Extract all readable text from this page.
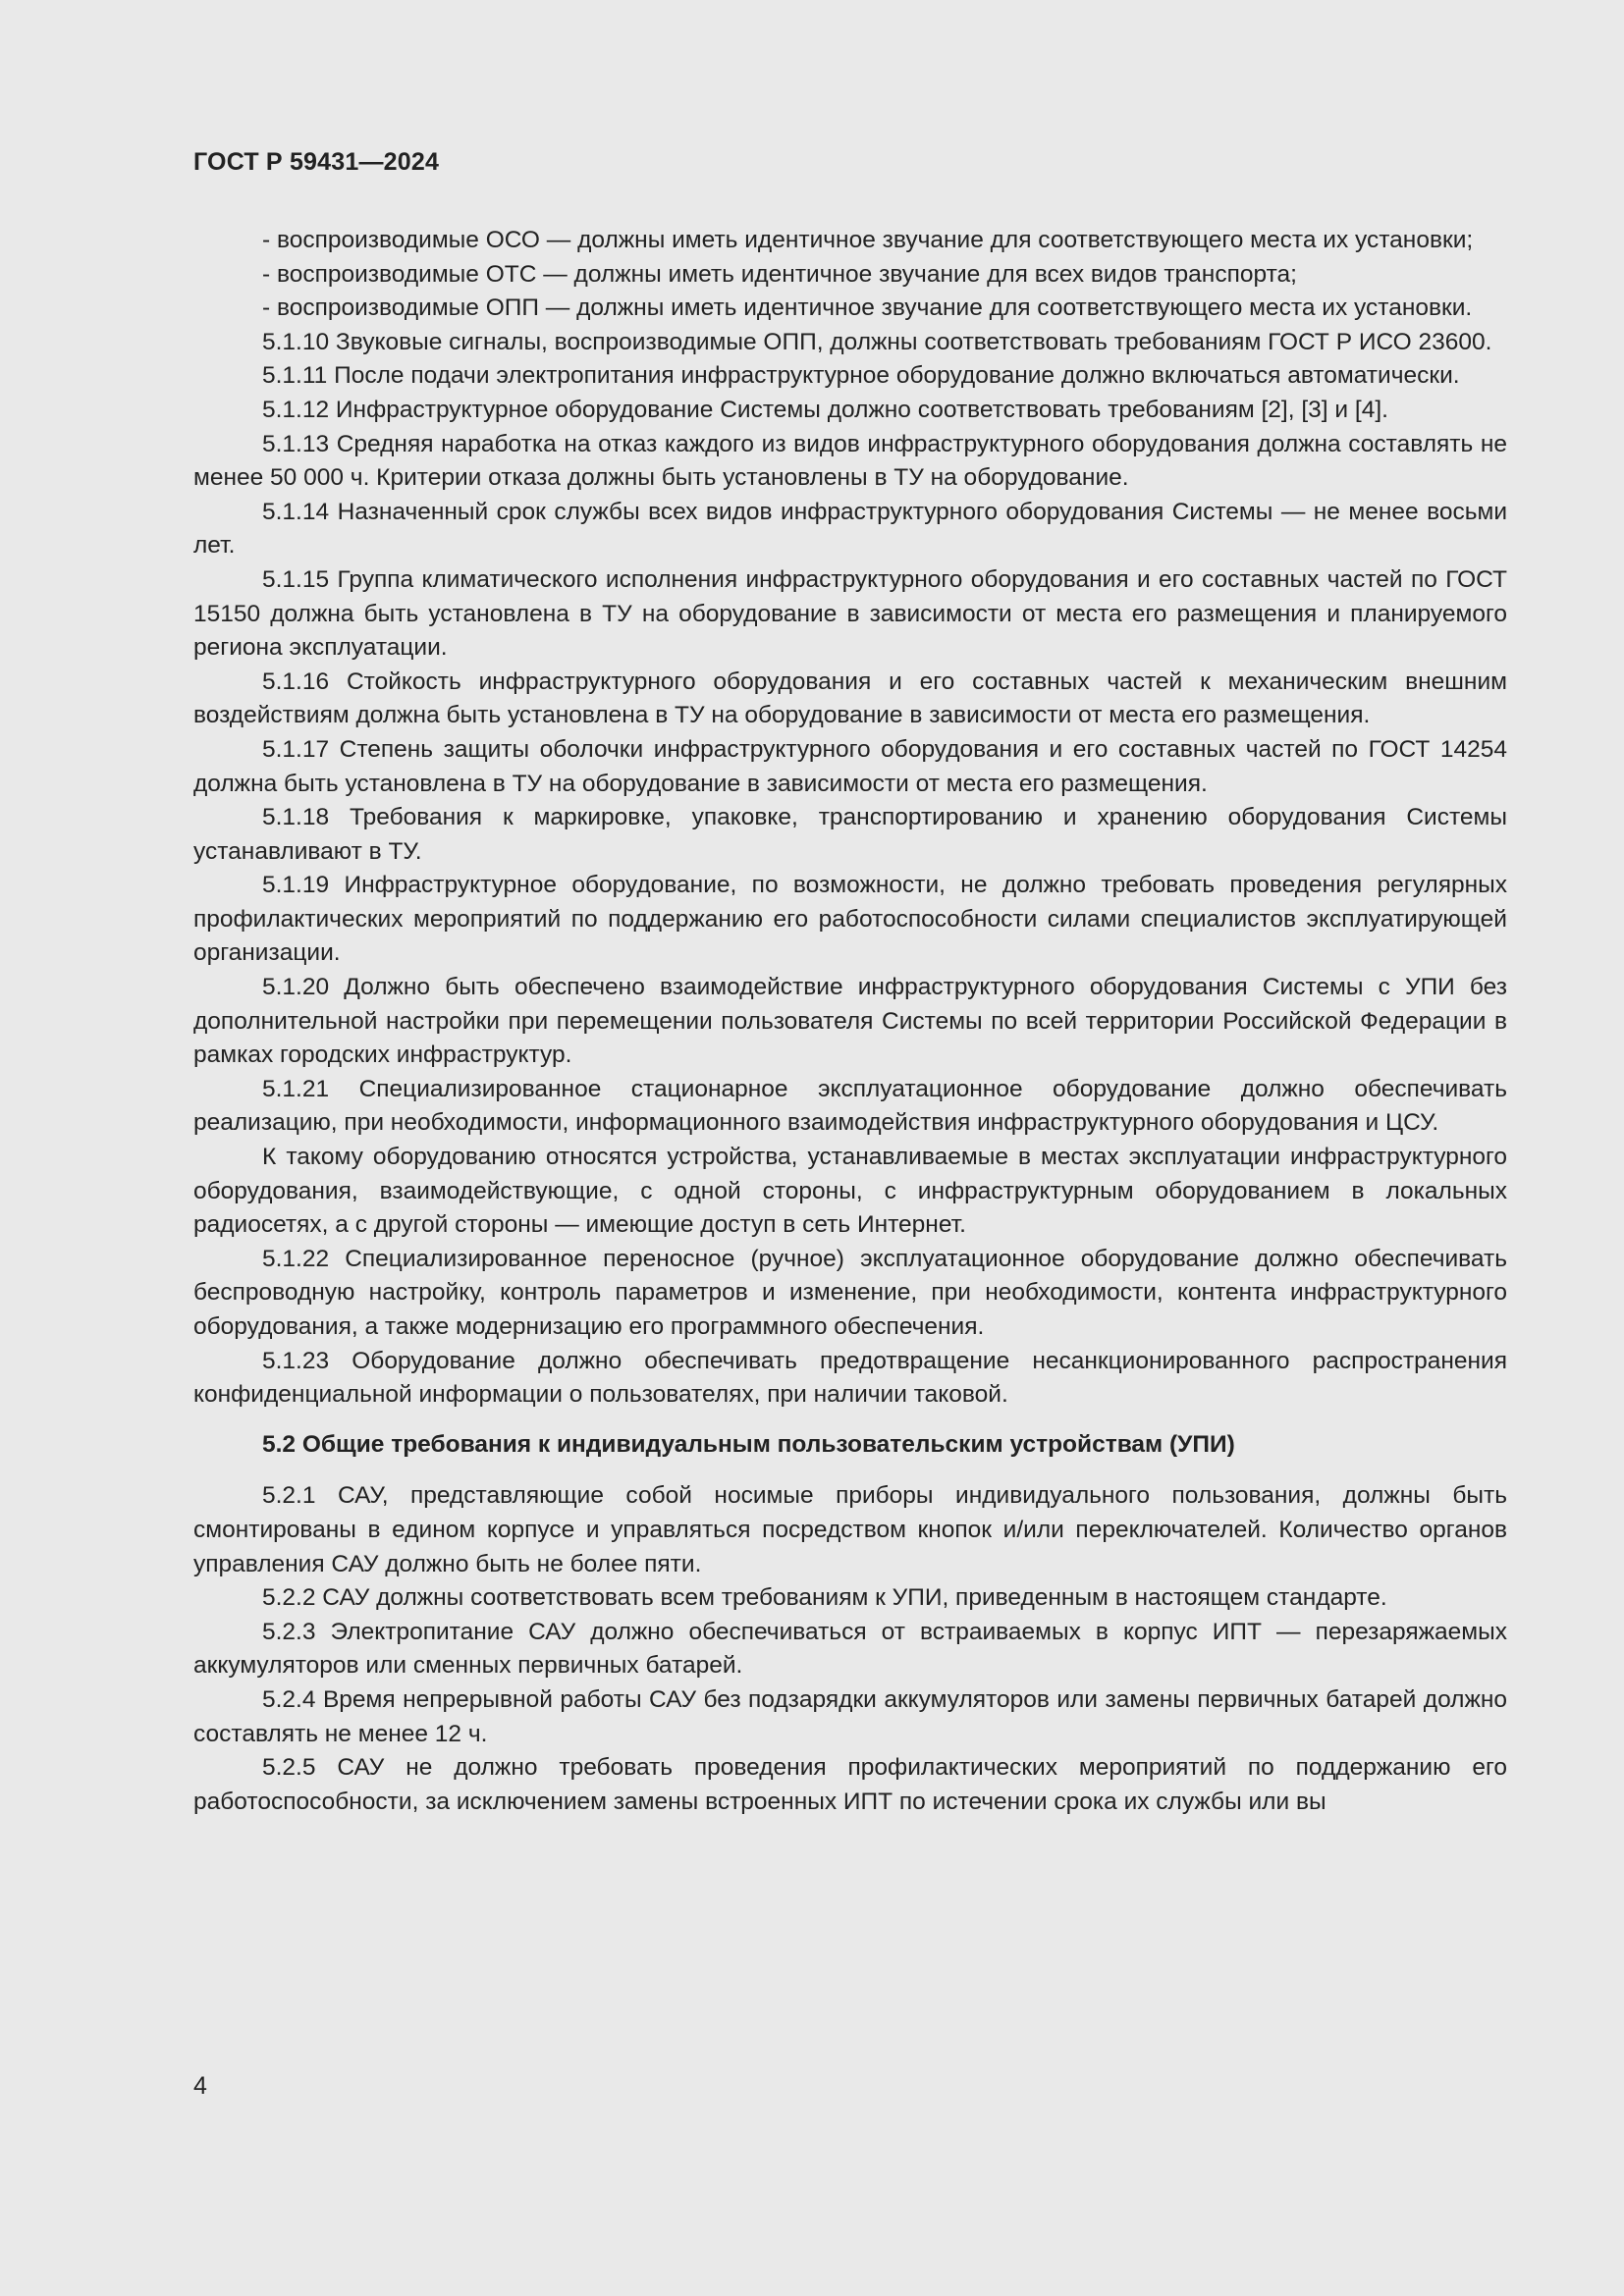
ГОСТ Р 59431—2024

- воспроизводимые ОСО — должны иметь идентичное звучание для соответствующего места их установки;

- воспроизводимые ОТС — должны иметь идентичное звучание для всех видов транспорта;

- воспроизводимые ОПП — должны иметь идентичное звучание для соответствующего места их установки.

5.1.10 Звуковые сигналы, воспроизводимые ОПП, должны соответствовать требованиям ГОСТ Р ИСО 23600.

5.1.11 После подачи электропитания инфраструктурное оборудование должно включаться автоматически.

5.1.12 Инфраструктурное оборудование Системы должно соответствовать требованиям [2], [3] и [4].

5.1.13 Средняя наработка на отказ каждого из видов инфраструктурного оборудования должна составлять не менее 50 000 ч. Критерии отказа должны быть установлены в ТУ на оборудование.

5.1.14 Назначенный срок службы всех видов инфраструктурного оборудования Системы — не менее восьми лет.

5.1.15 Группа климатического исполнения инфраструктурного оборудования и его составных частей по ГОСТ 15150 должна быть установлена в ТУ на оборудование в зависимости от места его размещения и планируемого региона эксплуатации.

5.1.16 Стойкость инфраструктурного оборудования и его составных частей к механическим внешним воздействиям должна быть установлена в ТУ на оборудование в зависимости от места его размещения.

5.1.17 Степень защиты оболочки инфраструктурного оборудования и его составных частей по ГОСТ 14254 должна быть установлена в ТУ на оборудование в зависимости от места его размещения.

5.1.18 Требования к маркировке, упаковке, транспортированию и хранению оборудования Системы устанавливают в ТУ.

5.1.19 Инфраструктурное оборудование, по возможности, не должно требовать проведения регулярных профилактических мероприятий по поддержанию его работоспособности силами специалистов эксплуатирующей организации.

5.1.20 Должно быть обеспечено взаимодействие инфраструктурного оборудования Системы с УПИ без дополнительной настройки при перемещении пользователя Системы по всей территории Российской Федерации в рамках городских инфраструктур.

5.1.21 Специализированное стационарное эксплуатационное оборудование должно обеспечивать реализацию, при необходимости, информационного взаимодействия инфраструктурного оборудования и ЦСУ.

К такому оборудованию относятся устройства, устанавливаемые в местах эксплуатации инфраструктурного оборудования, взаимодействующие, с одной стороны, с инфраструктурным оборудованием в локальных радиосетях, а с другой стороны — имеющие доступ в сеть Интернет.

5.1.22 Специализированное переносное (ручное) эксплуатационное оборудование должно обеспечивать беспроводную настройку, контроль параметров и изменение, при необходимости, контента инфраструктурного оборудования, а также модернизацию его программного обеспечения.

5.1.23 Оборудование должно обеспечивать предотвращение несанкционированного распространения конфиденциальной информации о пользователях, при наличии таковой.

5.2 Общие требования к индивидуальным пользовательским устройствам (УПИ)

5.2.1 САУ, представляющие собой носимые приборы индивидуального пользования, должны быть смонтированы в едином корпусе и управляться посредством кнопок и/или переключателей. Количество органов управления САУ должно быть не более пяти.

5.2.2 САУ должны соответствовать всем требованиям к УПИ, приведенным в настоящем стандарте.

5.2.3 Электропитание САУ должно обеспечиваться от встраиваемых в корпус ИПТ — перезаряжаемых аккумуляторов или сменных первичных батарей.

5.2.4 Время непрерывной работы САУ без подзарядки аккумуляторов или замены первичных батарей должно составлять не менее 12 ч.

5.2.5 САУ не должно требовать проведения профилактических мероприятий по поддержанию его работоспособности, за исключением замены встроенных ИПТ по истечении срока их службы или вы

4
